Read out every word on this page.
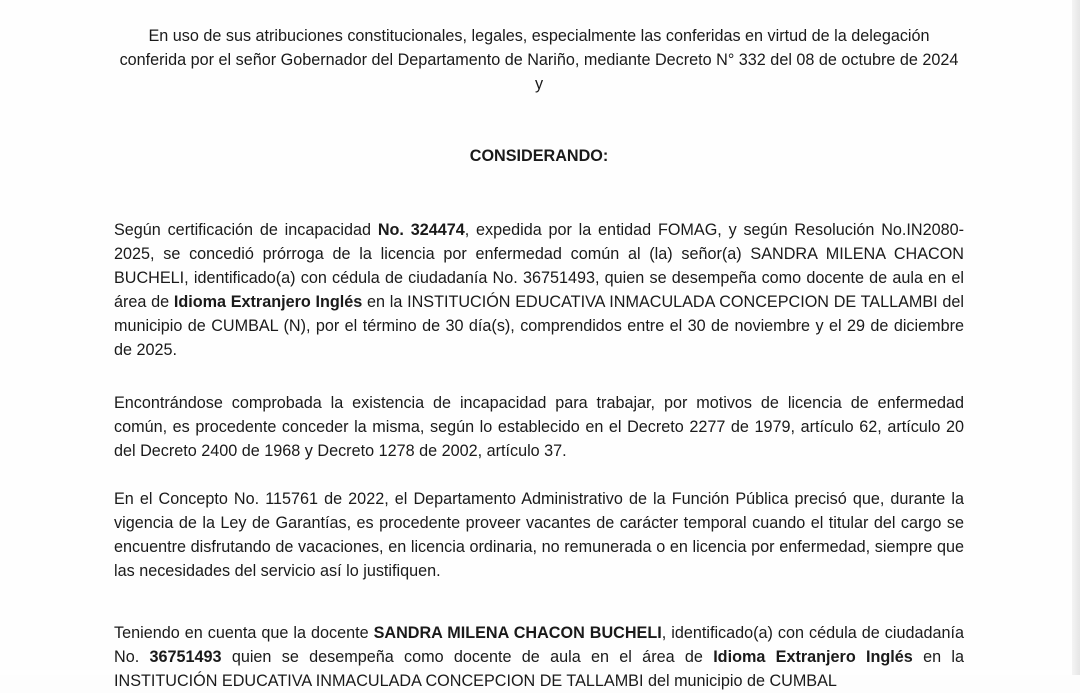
En uso de sus atribuciones constitucionales, legales, especialmente las conferidas en virtud de la delegación conferida por el señor Gobernador del Departamento de Nariño, mediante Decreto N° 332 del 08 de octubre de 2024 y

CONSIDERANDO:

Según certificación de incapacidad No. 324474, expedida por la entidad FOMAG, y según Resolución No.IN2080-2025, se concedió prórroga de la licencia por enfermedad común al (la) señor(a) SANDRA MILENA CHACON BUCHELI, identificado(a) con cédula de ciudadanía No. 36751493, quien se desempeña como docente de aula en el área de Idioma Extranjero Inglés en la INSTITUCIÓN EDUCATIVA INMACULADA CONCEPCION DE TALLAMBI del municipio de CUMBAL (N), por el término de 30 día(s), comprendidos entre el 30 de noviembre y el 29 de diciembre de 2025.

Encontrándose comprobada la existencia de incapacidad para trabajar, por motivos de licencia de enfermedad común, es procedente conceder la misma, según lo establecido en el Decreto 2277 de 1979, artículo 62, artículo 20 del Decreto 2400 de 1968 y Decreto 1278 de 2002, artículo 37.

En el Concepto No. 115761 de 2022, el Departamento Administrativo de la Función Pública precisó que, durante la vigencia de la Ley de Garantías, es procedente proveer vacantes de carácter temporal cuando el titular del cargo se encuentre disfrutando de vacaciones, en licencia ordinaria, no remunerada o en licencia por enfermedad, siempre que las necesidades del servicio así lo justifiquen.

Teniendo en cuenta que la docente SANDRA MILENA CHACON BUCHELI, identificado(a) con cédula de ciudadanía No. 36751493 quien se desempeña como docente de aula en el área de Idioma Extranjero Inglés en la INSTITUCIÓN EDUCATIVA INMACULADA CONCEPCION DE TALLAMBI del municipio de CUMBAL
